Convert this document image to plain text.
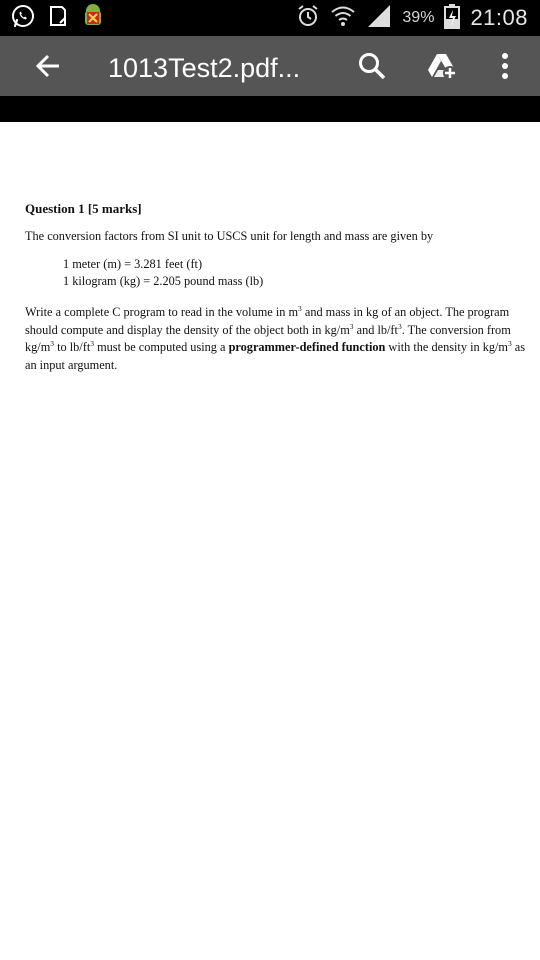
39% 21:08
1013Test2.pdf...
Question 1 [5 marks]
The conversion factors from SI unit to USCS unit for length and mass are given by
1 meter (m) = 3.281 feet (ft)
1 kilogram (kg) = 2.205 pound mass (lb)
Write a complete C program to read in the volume in $m^3$ and mass in kg of an object. The program should compute and display the density of the object both in $kg/m^3$ and $lb/ft^3$. The conversion from $kg/m^3$ to $lb/ft^3$ must be computed using a programmer-defined function with the density in $kg/m^3$ as an input argument.
